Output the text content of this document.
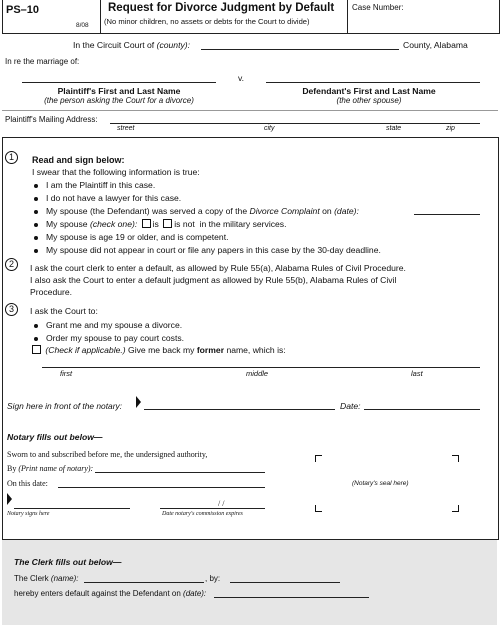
PS–10
8/08
Request for Divorce Judgment by Default
(No minor children, no assets or debts for the Court to divide)
Case Number:
In the Circuit Court of (county):	County, Alabama
In re the marriage of:
v.
Plaintiff's First and Last Name
(the person asking the Court for a divorce)
Defendant's First and Last Name
(the other spouse)
Plaintiff's Mailing Address:
street	city	state	zip
1	Read and sign below:
I swear that the following information is true:
I am the Plaintiff in this case.
I do not have a lawyer for this case.
My spouse (the Defendant) was served a copy of the Divorce Complaint on (date):
My spouse (check one): is is not in the military services.
My spouse is age 19 or older, and is competent.
My spouse did not appear in court or file any papers in this case by the 30-day deadline.
2	I ask the court clerk to enter a default, as allowed by Rule 55(a), Alabama Rules of Civil Procedure.
I also ask the Court to enter a default judgment as allowed by Rule 55(b), Alabama Rules of Civil
Procedure.
3	I ask the Court to:
Grant me and my spouse a divorce.
Order my spouse to pay court costs.
(Check if applicable.) Give me back my former name, which is:
first	middle	last
Sign here in front of the notary:	Date:
Notary fills out below—
Sworn to and subscribed before me, the undersigned authority,
By (Print name of notary):
On this date:
/ /
Notary signs here	Date notary's commission expires
(Notary's seal here)
The Clerk fills out below—
The Clerk (name):	, by:
hereby enters default against the Defendant on (date):
